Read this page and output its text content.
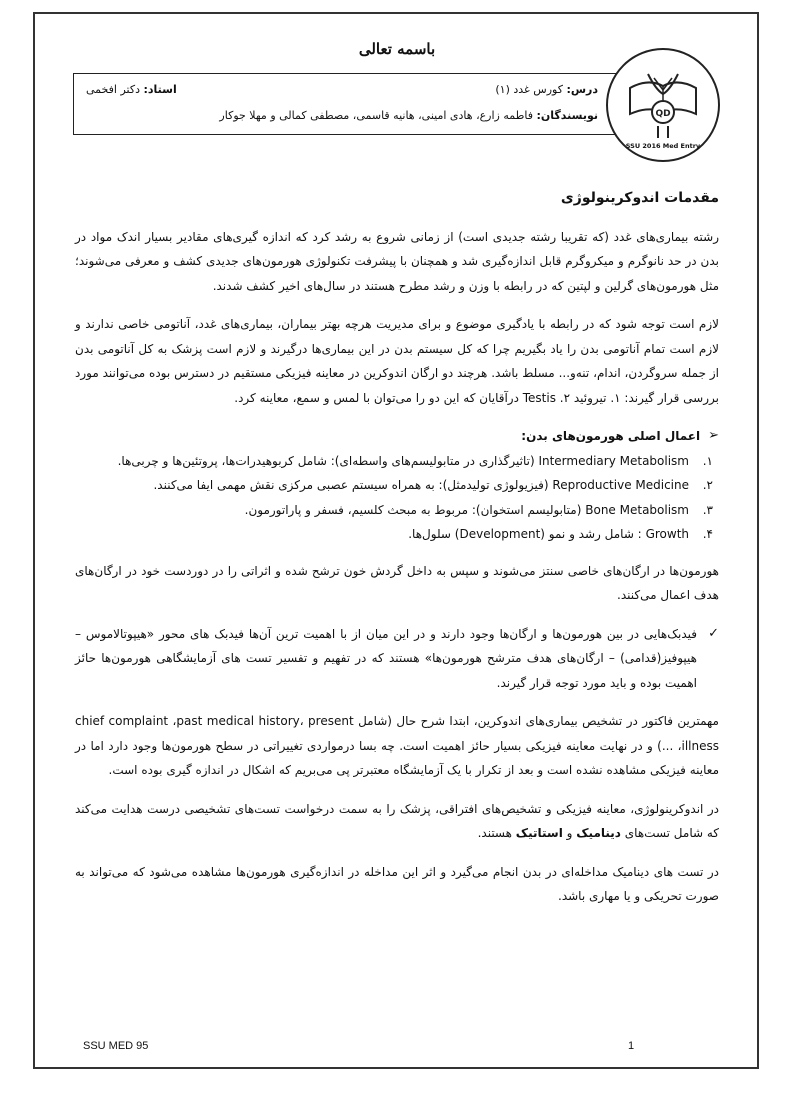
باسمه تعالی
درس: کورس غدد (۱)
استاد: دکتر افخمی
نویسندگان: فاطمه زارع، هادی امینی، هانیه قاسمی، مصطفی کمالی و مهلا جوکار	QD
SSU 2016 Med Entry
مقدمات اندوکرینولوژی

رشته بیماری‌های غدد (که تقریبا رشته جدیدی است) از زمانی شروع به رشد کرد که اندازه گیری‌های مقادیر بسیار اندک مواد در بدن در حد نانوگرم و میکروگرم قابل اندازه‌گیری شد و همچنان با پیشرفت تکنولوژی هورمون‌های جدیدی کشف و معرفی می‌شوند؛ مثل هورمون‌های گرلین و لپتین که در رابطه با وزن و رشد مطرح هستند در سال‌های اخیر کشف شدند.

لازم است توجه شود که در رابطه با یادگیری موضوع و برای مدیریت هرچه بهتر بیماران، بیماری‌های غدد، آناتومی خاصی ندارند و لازم است تمام آناتومی بدن را یاد بگیریم چرا که کل سیستم بدن در این بیماری‌ها درگیرند و لازم است پزشک به کل آناتومی بدن از جمله سروگردن، اندام، تنه‌و... مسلط باشد. هرچند دو ارگان اندوکرین در معاینه فیزیکی مستقیم در دسترس بوده می‌توانند مورد بررسی قرار گیرند: ۱. تیروئید ۲. Testis درآقایان که این دو را می‌توان با لمس و سمع، معاینه کرد.

➢
اعمال اصلی هورمون‌های بدن:
۱.
Intermediary Metabolism (تاثیرگذاری در متابولیسم‌های واسطه‌ای): شامل کربوهیدرات‌ها، پروتئین‌ها و چربی‌ها.
۲.
Reproductive Medicine (فیزیولوژی تولیدمثل): به همراه سیستم عصبی مرکزی نقش مهمی ایفا می‌کنند.
۳.
Bone Metabolism (متابولیسم استخوان): مربوط به مبحث کلسیم، فسفر و پاراتورمون.
۴.
Growth : شامل رشد و نمو (Development) سلول‌ها.

هورمون‌ها در ارگان‌های خاصی سنتز می‌شوند و سپس به داخل گردش خون ترشح شده و اثراتی را در دوردست خود در ارگان‌های هدف اعمال می‌کنند.

✓
فیدبک‌هایی در بین هورمون‌ها و ارگان‌ها وجود دارند و در این میان از با اهمیت ترین آن‌ها فیدبک های محور «هیپوتالاموس – هیپوفیز(قدامی) – ارگان‌های هدف مترشح هورمون‌ها» هستند که در تفهیم و تفسیر تست های آزمایشگاهی هورمون‌ها حائز اهمیت بوده و باید مورد توجه قرار گیرند.

مهمترین فاکتور در تشخیص بیماری‌های اندوکرین، ابتدا شرح حال (شامل chief complaint ،past medical history، present illness، ...) و در نهایت معاینه فیزیکی بسیار حائز اهمیت است. چه بسا درمواردی تغییراتی در سطح هورمون‌ها وجود دارد اما در معاینه فیزیکی مشاهده نشده است و بعد از تکرار با یک آزمایشگاه معتبرتر پی می‌بریم که اشکال در اندازه گیری بوده است.

در اندوکرینولوژی، معاینه فیزیکی و تشخیص‌های افتراقی، پزشک را به سمت درخواست تست‌های تشخیصی درست هدایت می‌کند که شامل تست‌های دینامیک و استاتیک هستند.

در تست های دینامیک مداخله‌ای در بدن انجام می‌گیرد و اثر این مداخله در اندازه‌گیری هورمون‌ها مشاهده می‌شود که می‌تواند به صورت تحریکی و یا مهاری باشد.

SSU MED 95	1
